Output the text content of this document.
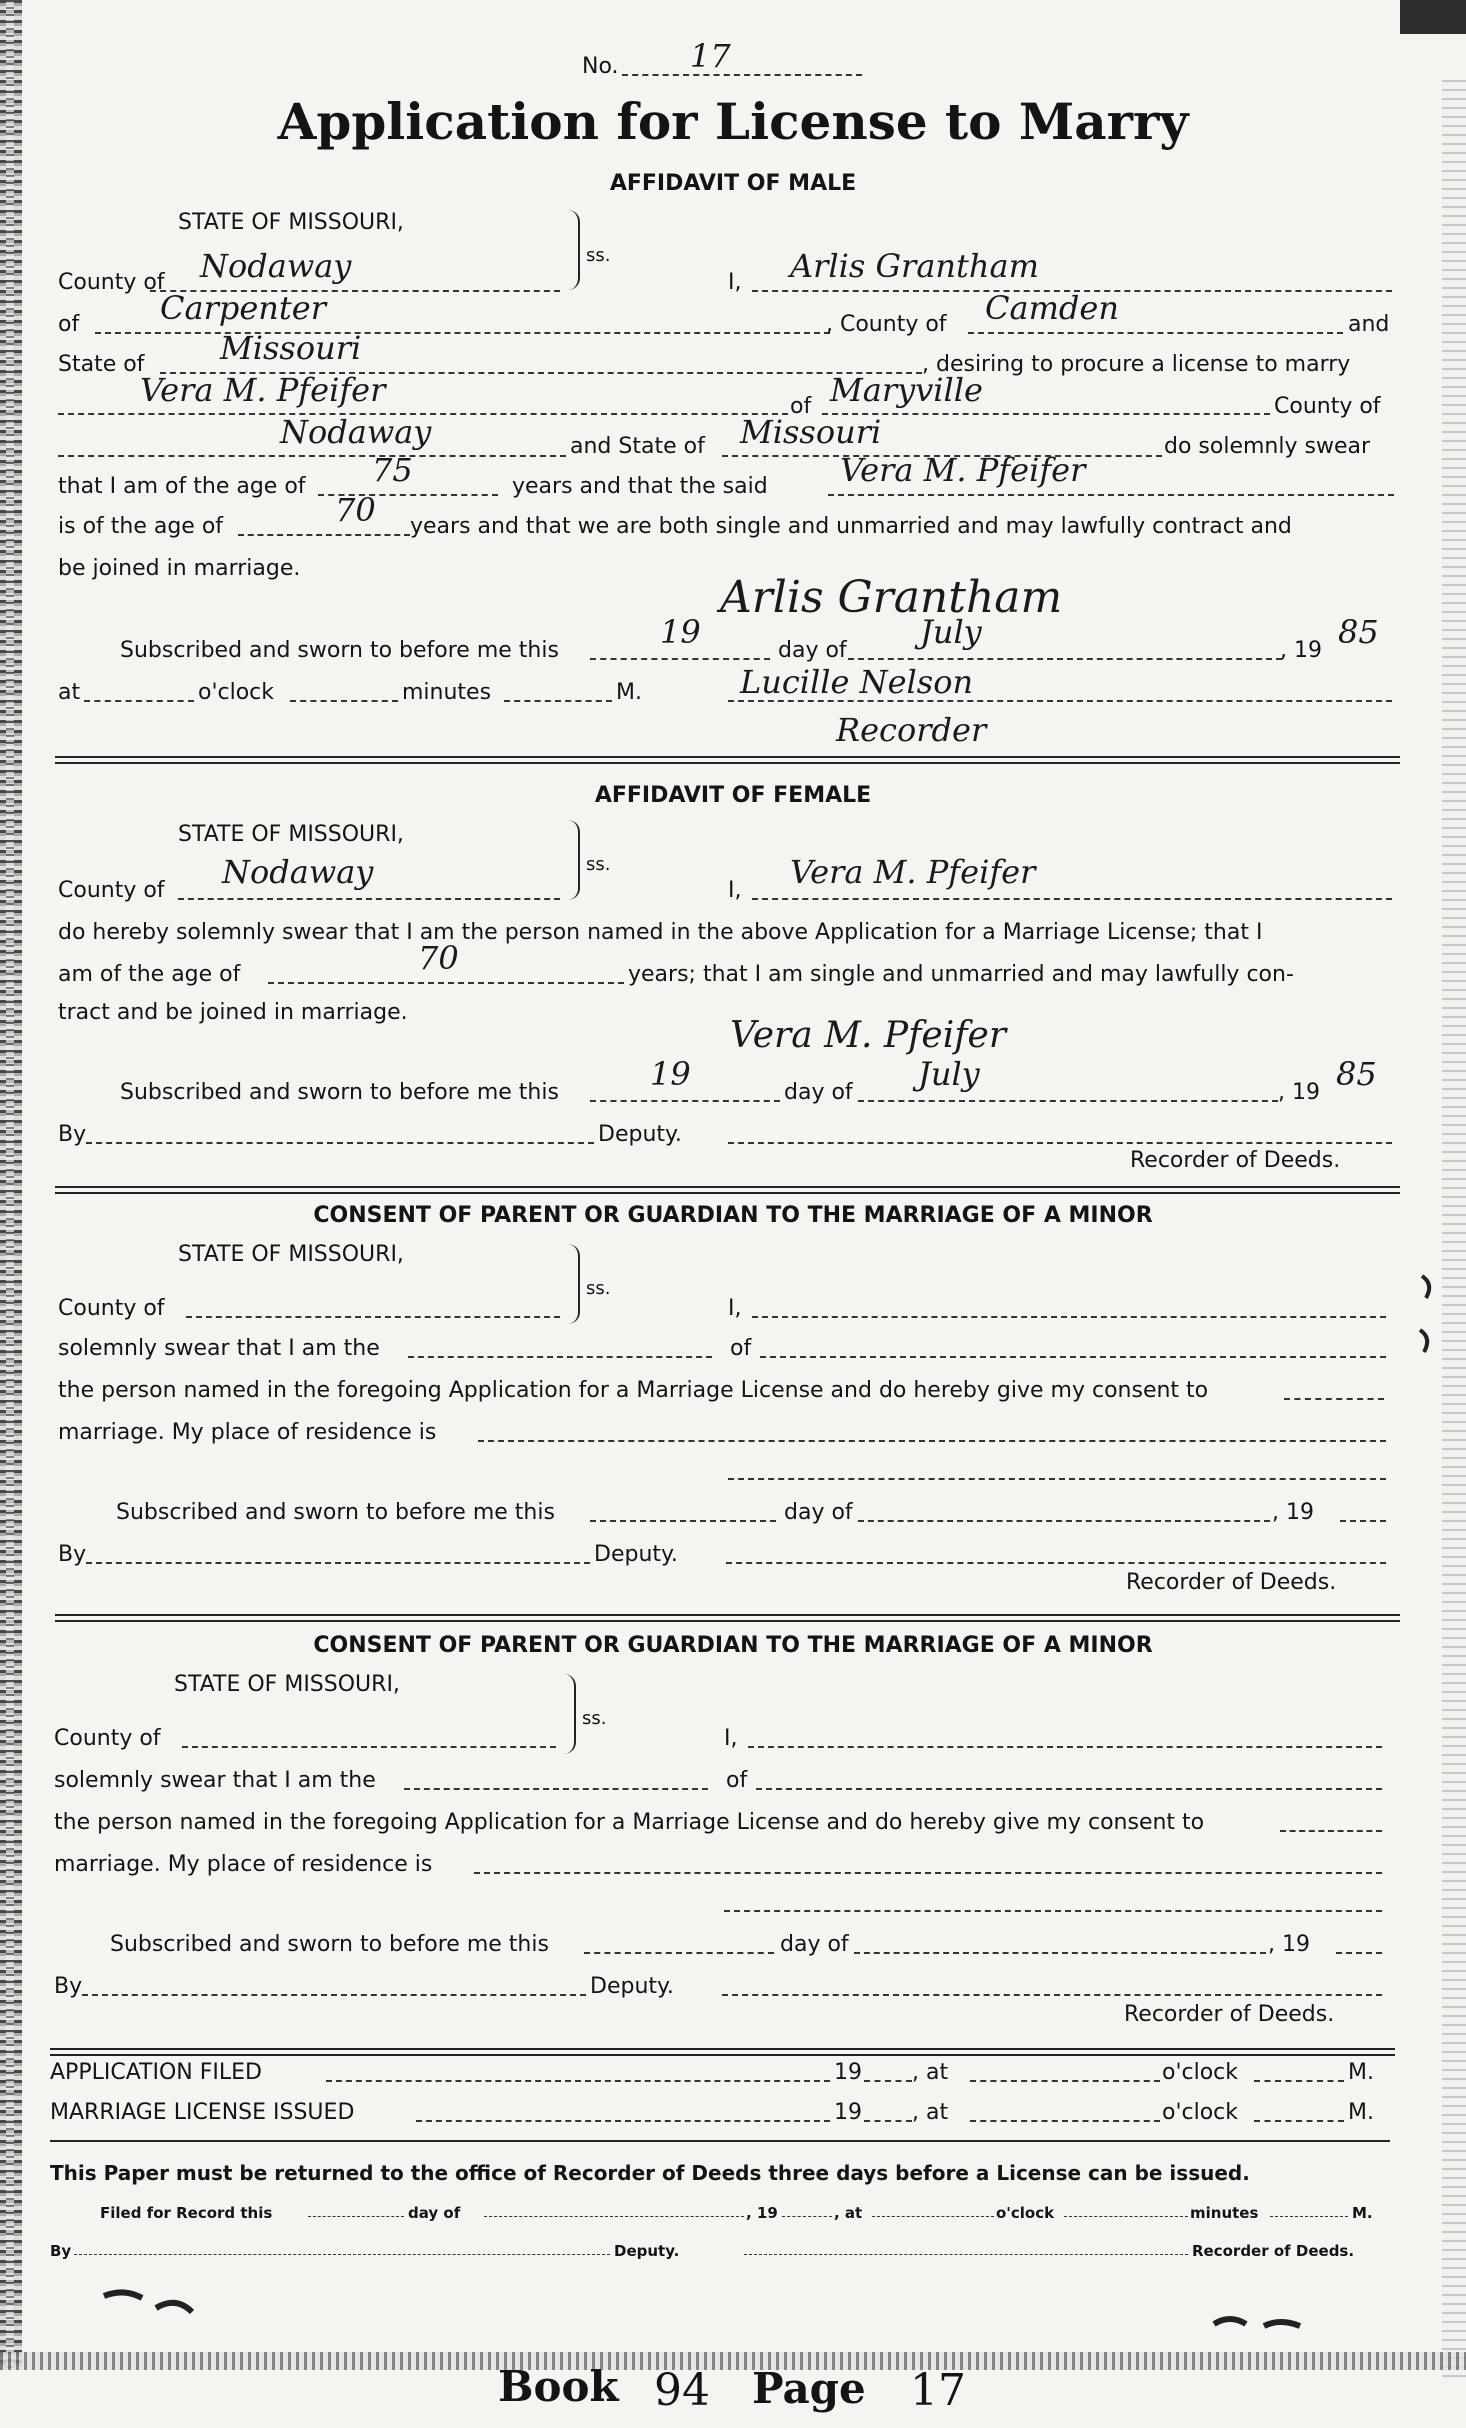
No. 17
Application for License to Marry
AFFIDAVIT OF MALE
STATE OF MISSOURI,
County of Nodaway	ss.
I, Arlis Grantham
of	Carpenter	, County of Camden	and
State of Missouri	, desiring to procure a license to marry
Vera M. Pfeifer	of Maryville	County of
Nodaway	and State of Missouri	do solemnly swear
that I am of the age of 75	years and that the said Vera M. Pfeifer
is of the age of	70 years and that we are both single and unmarried and may lawfully contract and
be joined in marriage.
Arlis Grantham
Subscribed and sworn to before me this	19	day of July	, 19 85
at	o'clock	minutes	M.	Lucille Nelson
Recorder
AFFIDAVIT OF FEMALE
STATE OF MISSOURI,
County of Nodaway	ss.
I, Vera M. Pfeifer
do hereby solemnly swear that I am the person named in the above Application for a Marriage License; that I
am of the age of	70	years; that I am single and unmarried and may lawfully con-
tract and be joined in marriage.
Vera M. Pfeifer
Subscribed and sworn to before me this	19	day of July	, 19 85
By	Deputy.
Recorder of Deeds.
CONSENT OF PARENT OR GUARDIAN TO THE MARRIAGE OF A MINOR
STATE OF MISSOURI,
County of
ss.
I,
solemnly swear that I am the	of
the person named in the foregoing Application for a Marriage License and do hereby give my consent to
marriage. My place of residence is
Subscribed and sworn to before me this	day of	, 19
By	Deputy.
Recorder of Deeds.
CONSENT OF PARENT OR GUARDIAN TO THE MARRIAGE OF A MINOR
STATE OF MISSOURI,
County of
ss.
I,
solemnly swear that I am the	of
the person named in the foregoing Application for a Marriage License and do hereby give my consent to
marriage. My place of residence is
Subscribed and sworn to before me this	day of	, 19
By	Deputy.
Recorder of Deeds.
APPLICATION FILED	19 , at	o'clock	M.
MARRIAGE LICENSE ISSUED	19 , at	o'clock	M.
This Paper must be returned to the office of Recorder of Deeds three days before a License can be issued.
Filed for Record this	day of	, 19	, at	o'clock	minutes	M.
By	Deputy.	Recorder of Deeds.
Book 94 Page 17
